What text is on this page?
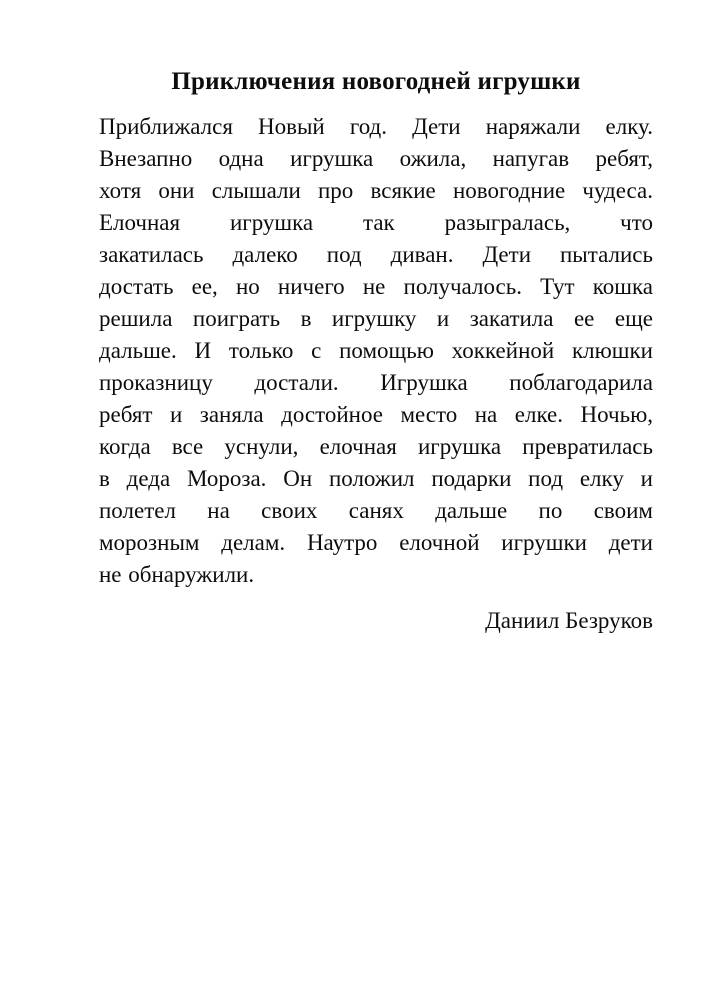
Приключения новогодней игрушки
Приближался Новый год. Дети наряжали елку.
Внезапно одна игрушка ожила, напугав ребят,
хотя они слышали про всякие новогодние чудеса.
Елочная игрушка так разыгралась, что
закатилась далеко под диван. Дети пытались
достать ее, но ничего не получалось. Тут кошка
решила поиграть в игрушку и закатила ее еще
дальше. И только с помощью хоккейной клюшки
проказницу достали. Игрушка поблагодарила
ребят и заняла достойное место на елке. Ночью,
когда все уснули, елочная игрушка превратилась
в деда Мороза. Он положил подарки под елку и
полетел на своих санях дальше по своим
морозным делам. Наутро елочной игрушки дети
не обнаружили.
Даниил Безруков
